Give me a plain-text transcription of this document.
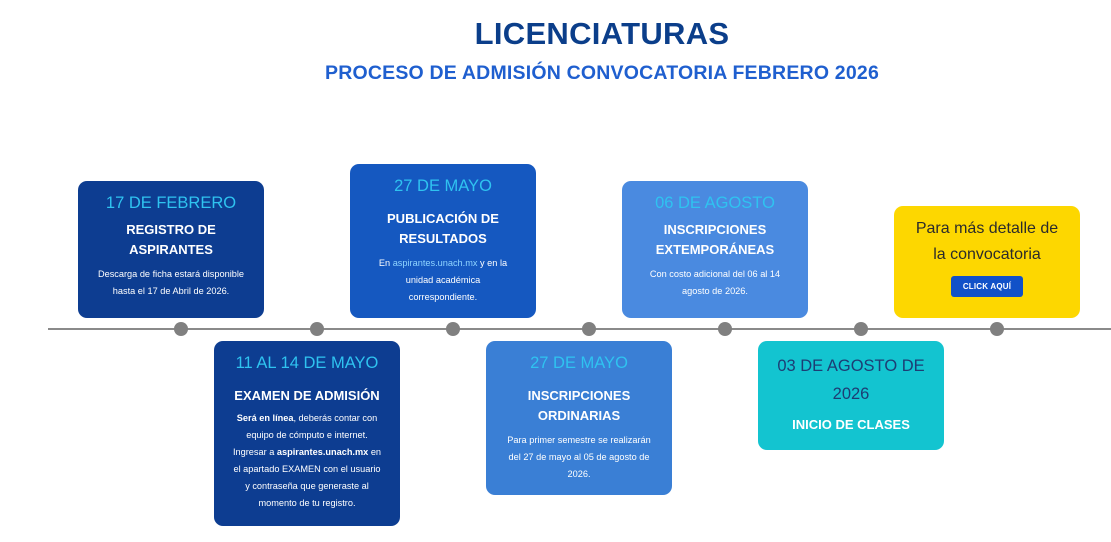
LICENCIATURAS
PROCESO DE ADMISIÓN CONVOCATORIA FEBRERO 2026
17 DE FEBRERO
REGISTRO DE
ASPIRANTES
Descarga de ficha estará disponible
hasta el 17 de Abril de 2026.
11 AL 14 DE MAYO
EXAMEN DE ADMISIÓN
Será en línea, deberás contar con
equipo de cómputo e internet.
Ingresar a aspirantes.unach.mx en
el apartado EXAMEN con el usuario
y contraseña que generaste al
momento de tu registro.
27 DE MAYO
PUBLICACIÓN DE
RESULTADOS
En aspirantes.unach.mx y en la
unidad académica
correspondiente.
27 DE MAYO
INSCRIPCIONES
ORDINARIAS
Para primer semestre se realizarán
del 27 de mayo al 05 de agosto de
2026.
06 DE AGOSTO
INSCRIPCIONES
EXTEMPORÁNEAS
Con costo adicional del 06 al 14
agosto de 2026.
03 DE AGOSTO DE
2026
INICIO DE CLASES
Para más detalle de
la convocatoria
CLICK AQUÍ
